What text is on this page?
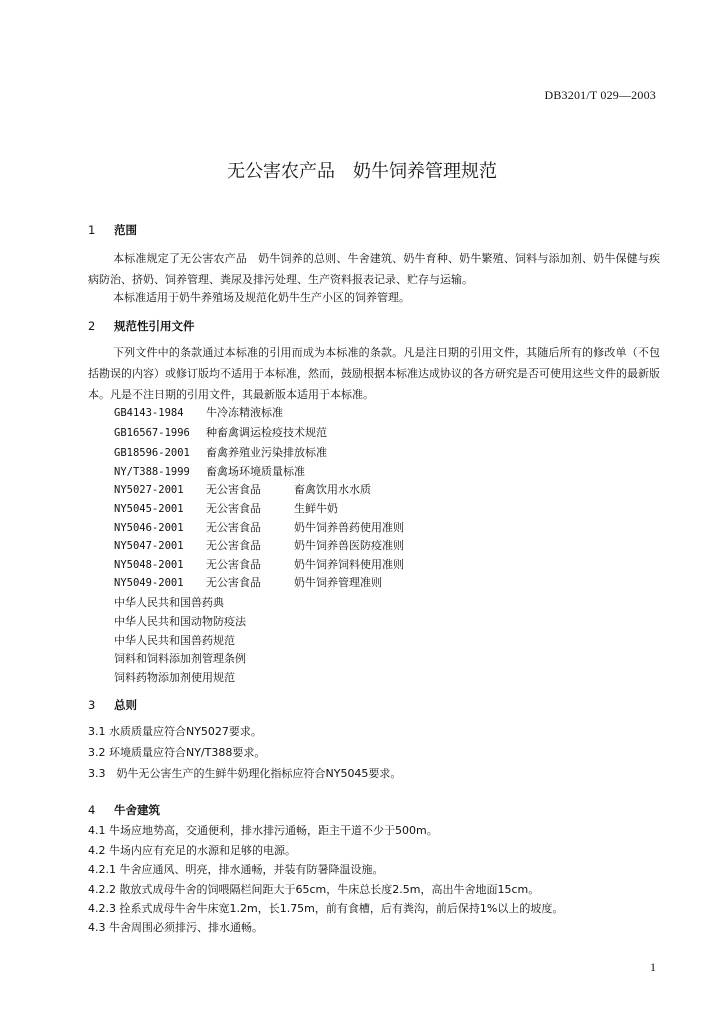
DB3201/T 029—2003
无公害农产品　奶牛饲养管理规范
1 范围
本标准规定了无公害农产品　奶牛饲养的总则、牛舍建筑、奶牛育种、奶牛繁殖、饲料与添加剂、奶牛保健与疾病防治、挤奶、饲养管理、粪尿及排污处理、生产资料报表记录、贮存与运输。
本标准适用于奶牛养殖场及规范化奶牛生产小区的饲养管理。
2 规范性引用文件
下列文件中的条款通过本标准的引用而成为本标准的条款。凡是注日期的引用文件，其随后所有的修改单（不包括勘误的内容）或修订版均不适用于本标准，然而，鼓励根据本标准达成协议的各方研究是否可使用这些文件的最新版本。凡是不注日期的引用文件，其最新版本适用于本标准。
GB4143-1984 牛冷冻精液标准
GB16567-1996 种畜禽调运检疫技术规范
GB18596-2001 畜禽养殖业污染排放标准
NY/T388-1999 畜禽场环境质量标准
NY5027-2001 无公害食品	畜禽饮用水水质
NY5045-2001 无公害食品	生鲜牛奶
NY5046-2001 无公害食品	奶牛饲养兽药使用准则
NY5047-2001 无公害食品	奶牛饲养兽医防疫准则
NY5048-2001 无公害食品	奶牛饲养饲料使用准则
NY5049-2001 无公害食品	奶牛饲养管理准则
中华人民共和国兽药典
中华人民共和国动物防疫法
中华人民共和国兽药规范
饲料和饲料添加剂管理条例
饲料药物添加剂使用规范
3 总则
3.1 水质质量应符合NY5027要求。
3.2 环境质量应符合NY/T388要求。
3.3　奶牛无公害生产的生鲜牛奶理化指标应符合NY5045要求。
4 牛舍建筑
4.1 牛场应地势高，交通便利，排水排污通畅，距主干道不少于500m。
4.2 牛场内应有充足的水源和足够的电源。
4.2.1 牛舍应通风、明亮，排水通畅，并装有防暑降温设施。
4.2.2 散放式成母牛舍的饲喂隔栏间距大于65cm，牛床总长度2.5m，高出牛舍地面15cm。
4.2.3 拴系式成母牛舍牛床宽1.2m，长1.75m，前有食槽，后有粪沟，前后保持1%以上的坡度。
4.3 牛舍周围必须排污、排水通畅。
1
